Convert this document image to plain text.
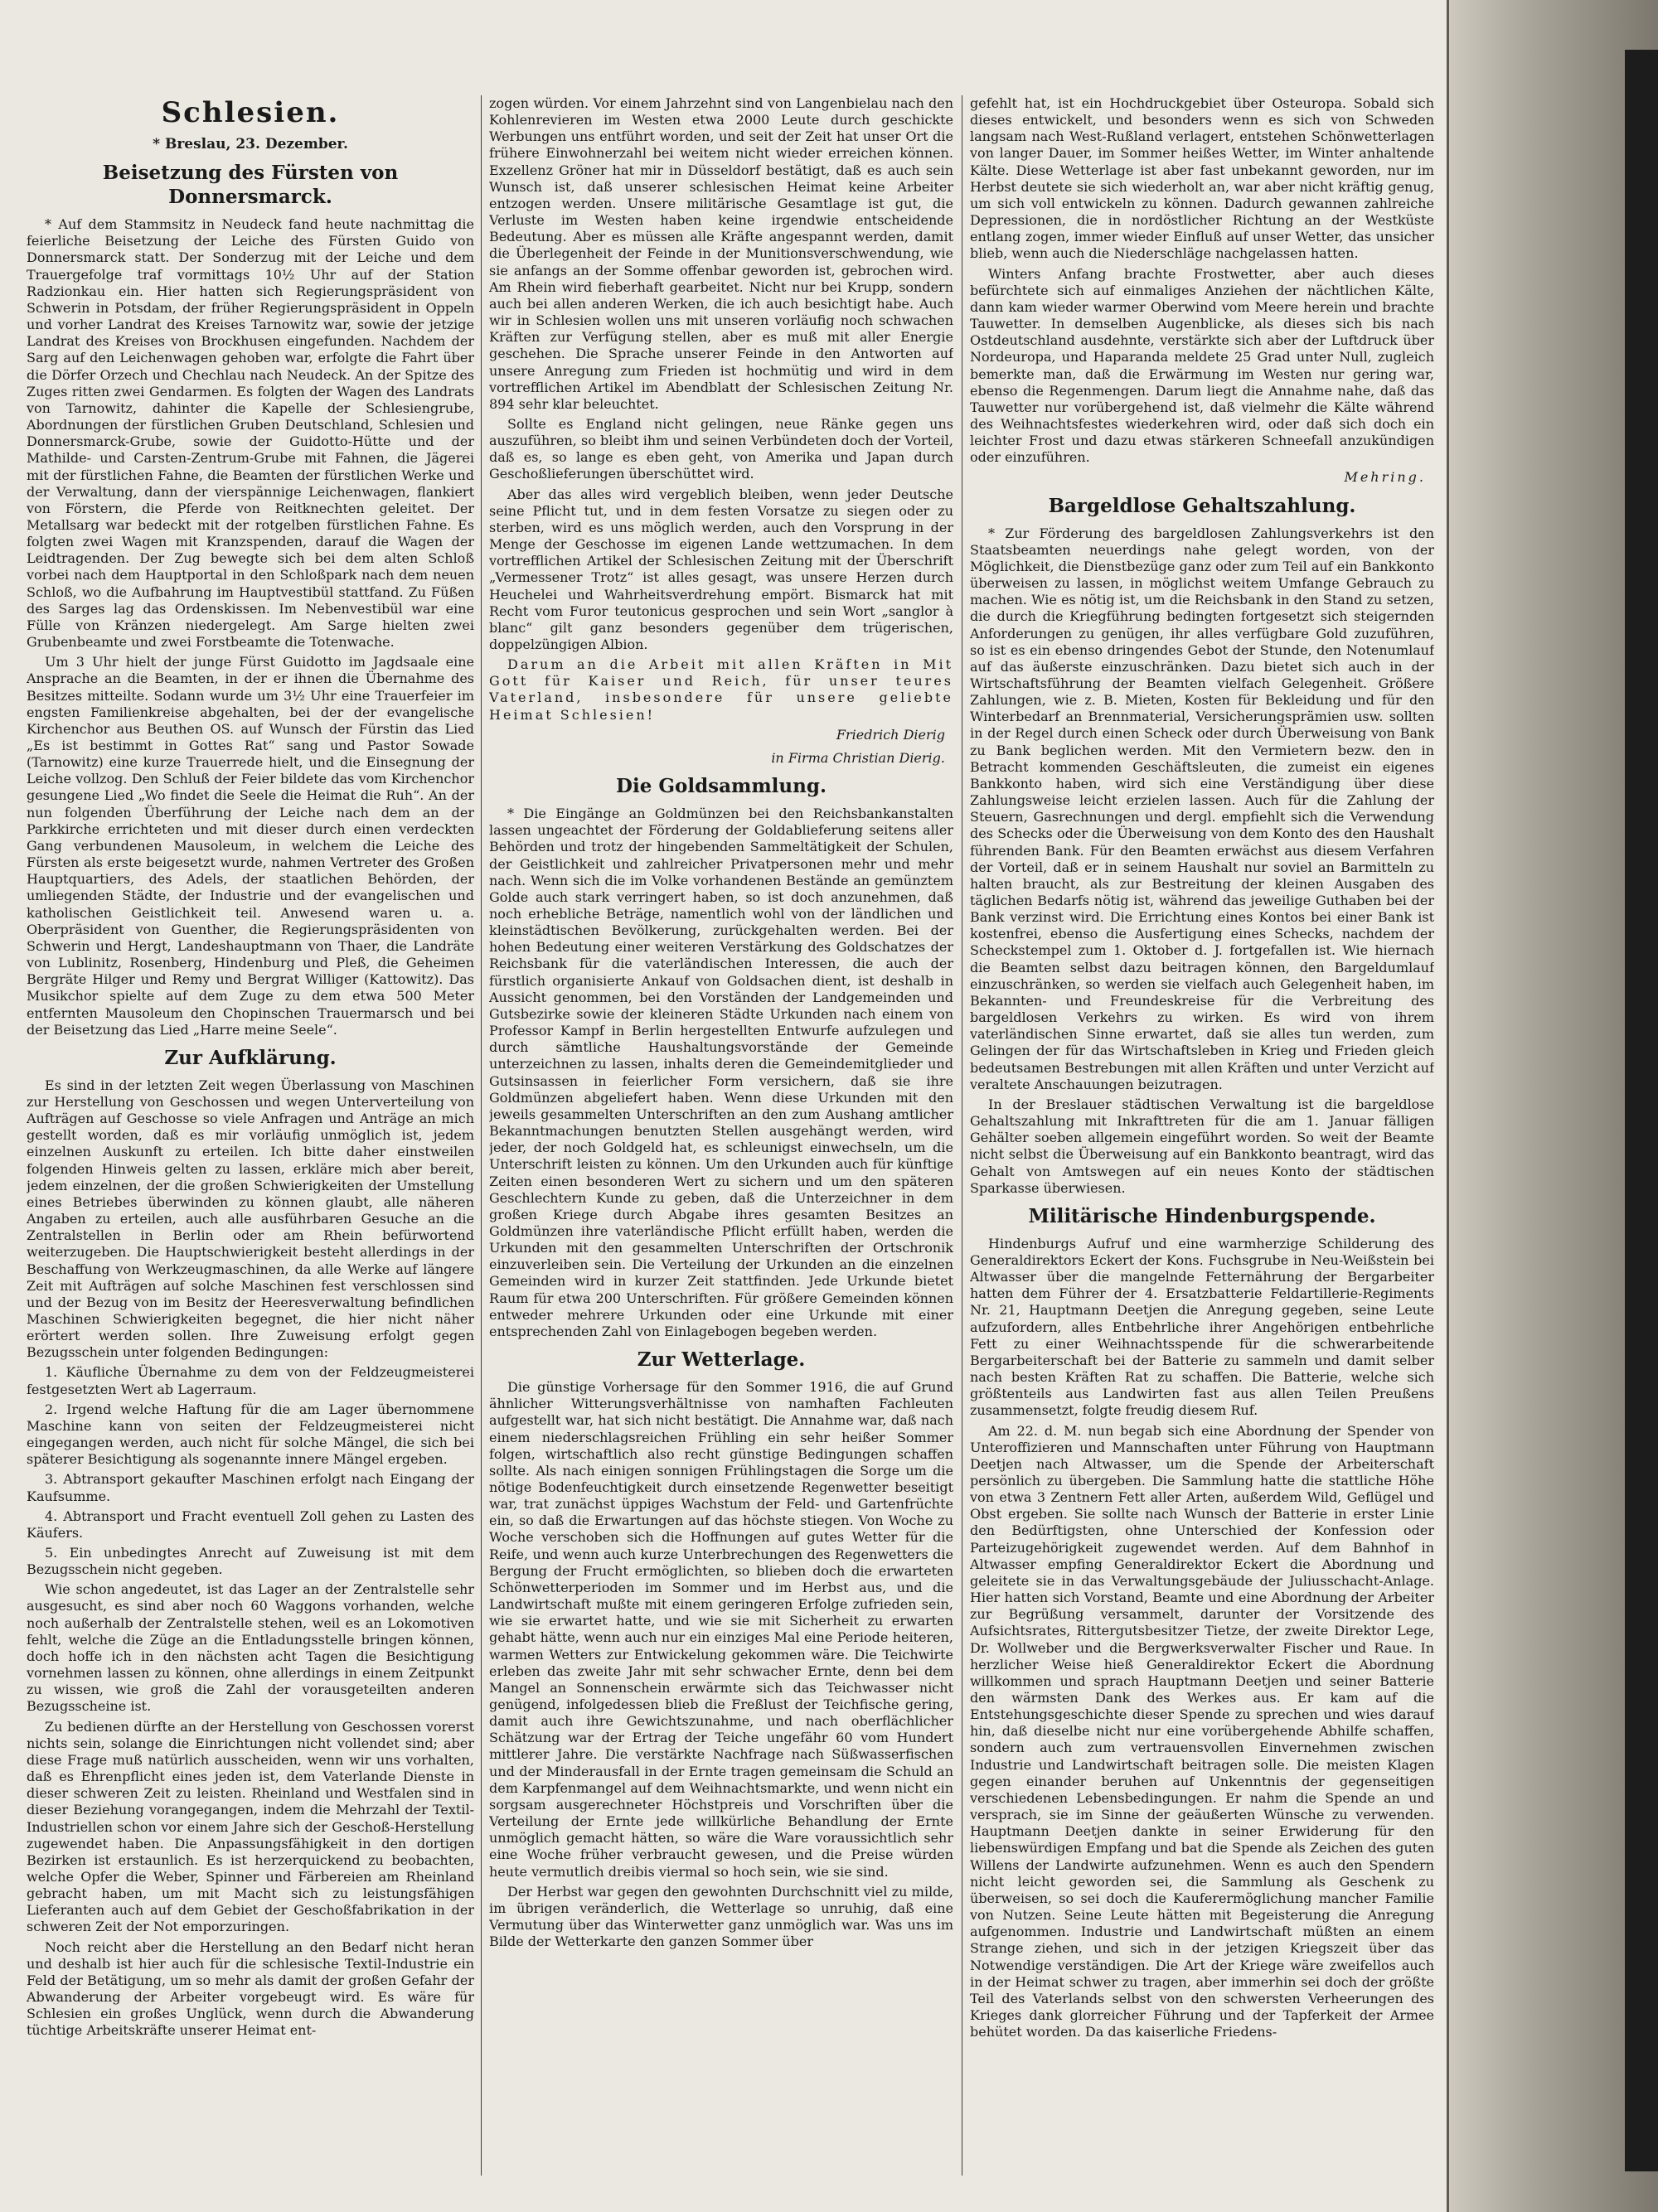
Schlesien.
* Breslau, 23. Dezember.
Beisetzung des Fürsten von Donnersmarck.

* Auf dem Stammsitz in Neudeck fand heute nachmittag die feierliche Beisetzung der Leiche des Fürsten Guido von Donnersmarck statt. Der Sonderzug mit der Leiche und dem Trauergefolge traf vormittags 10½ Uhr auf der Station Radzionkau ein. Hier hatten sich Regierungspräsident von Schwerin in Potsdam, der früher Regierungspräsident in Oppeln und vorher Landrat des Kreises Tarnowitz war, sowie der jetzige Landrat des Kreises von Brockhusen eingefunden. Nachdem der Sarg auf den Leichenwagen gehoben war, erfolgte die Fahrt über die Dörfer Orzech und Chechlau nach Neudeck. An der Spitze des Zuges ritten zwei Gendarmen. Es folgten der Wagen des Landrats von Tarnowitz, dahinter die Kapelle der Schlesiengrube, Abordnungen der fürstlichen Gruben Deutschland, Schlesien und Donnersmarck-Grube, sowie der Guidotto-Hütte und der Mathilde- und Carsten-Zentrum-Grube mit Fahnen, die Jägerei mit der fürstlichen Fahne, die Beamten der fürstlichen Werke und der Verwaltung, dann der vierspännige Leichenwagen, flankiert von Förstern, die Pferde von Reitknechten geleitet. Der Metallsarg war bedeckt mit der rotgelben fürstlichen Fahne. Es folgten zwei Wagen mit Kranzspenden, darauf die Wagen der Leidtragenden. Der Zug bewegte sich bei dem alten Schloß vorbei nach dem Hauptportal in den Schloßpark nach dem neuen Schloß, wo die Aufbahrung im Hauptvestibül stattfand. Zu Füßen des Sarges lag das Ordenskissen. Im Nebenvestibül war eine Fülle von Kränzen niedergelegt. Am Sarge hielten zwei Grubenbeamte und zwei Forstbeamte die Totenwache.

Um 3 Uhr hielt der junge Fürst Guidotto im Jagdsaale eine Ansprache an die Beamten, in der er ihnen die Übernahme des Besitzes mitteilte. Sodann wurde um 3½ Uhr eine Trauerfeier im engsten Familienkreise abgehalten, bei der der evangelische Kirchenchor aus Beuthen OS. auf Wunsch der Fürstin das Lied „Es ist bestimmt in Gottes Rat“ sang und Pastor Sowade (Tarnowitz) eine kurze Trauerrede hielt, und die Einsegnung der Leiche vollzog. Den Schluß der Feier bildete das vom Kirchenchor gesungene Lied „Wo findet die Seele die Heimat die Ruh“. An der nun folgenden Überführung der Leiche nach dem an der Parkkirche errichteten und mit dieser durch einen verdeckten Gang verbundenen Mausoleum, in welchem die Leiche des Fürsten als erste beigesetzt wurde, nahmen Vertreter des Großen Hauptquartiers, des Adels, der staatlichen Behörden, der umliegenden Städte, der Industrie und der evangelischen und katholischen Geistlichkeit teil. Anwesend waren u. a. Oberpräsident von Guenther, die Regierungspräsidenten von Schwerin und Hergt, Landeshauptmann von Thaer, die Landräte von Lublinitz, Rosenberg, Hindenburg und Pleß, die Geheimen Bergräte Hilger und Remy und Bergrat Williger (Kattowitz). Das Musikchor spielte auf dem Zuge zu dem etwa 500 Meter entfernten Mausoleum den Chopinschen Trauermarsch und bei der Beisetzung das Lied „Harre meine Seele“.

Zur Aufklärung.

Es sind in der letzten Zeit wegen Überlassung von Maschinen zur Herstellung von Geschossen und wegen Unterverteilung von Aufträgen auf Geschosse so viele Anfragen und Anträge an mich gestellt worden, daß es mir vorläufig unmöglich ist, jedem einzelnen Auskunft zu erteilen. Ich bitte daher einstweilen folgenden Hinweis gelten zu lassen, erkläre mich aber bereit, jedem einzelnen, der die großen Schwierigkeiten der Umstellung eines Betriebes überwinden zu können glaubt, alle näheren Angaben zu erteilen, auch alle ausführbaren Gesuche an die Zentralstellen in Berlin oder am Rhein befürwortend weiterzugeben. Die Hauptschwierigkeit besteht allerdings in der Beschaffung von Werkzeugmaschinen, da alle Werke auf längere Zeit mit Aufträgen auf solche Maschinen fest verschlossen sind und der Bezug von im Besitz der Heeresverwaltung befindlichen Maschinen Schwierigkeiten begegnet, die hier nicht näher erörtert werden sollen. Ihre Zuweisung erfolgt gegen Bezugsschein unter folgenden Bedingungen:

1. Käufliche Übernahme zu dem von der Feldzeugmeisterei festgesetzten Wert ab Lagerraum.

2. Irgend welche Haftung für die am Lager übernommene Maschine kann von seiten der Feldzeugmeisterei nicht eingegangen werden, auch nicht für solche Mängel, die sich bei späterer Besichtigung als sogenannte innere Mängel ergeben.

3. Abtransport gekaufter Maschinen erfolgt nach Eingang der Kaufsumme.

4. Abtransport und Fracht eventuell Zoll gehen zu Lasten des Käufers.

5. Ein unbedingtes Anrecht auf Zuweisung ist mit dem Bezugsschein nicht gegeben.

Wie schon angedeutet, ist das Lager an der Zentralstelle sehr ausgesucht, es sind aber noch 60 Waggons vorhanden, welche noch außerhalb der Zentralstelle stehen, weil es an Lokomotiven fehlt, welche die Züge an die Entladungsstelle bringen können, doch hoffe ich in den nächsten acht Tagen die Besichtigung vornehmen lassen zu können, ohne allerdings in einem Zeitpunkt zu wissen, wie groß die Zahl der vorausgeteilten anderen Bezugsscheine ist.

Zu bedienen dürfte an der Herstellung von Geschossen vorerst nichts sein, solange die Einrichtungen nicht vollendet sind; aber diese Frage muß natürlich ausscheiden, wenn wir uns vorhalten, daß es Ehrenpflicht eines jeden ist, dem Vaterlande Dienste in dieser schweren Zeit zu leisten. Rheinland und Westfalen sind in dieser Beziehung vorangegangen, indem die Mehrzahl der Textil-Industriellen schon vor einem Jahre sich der Geschoß-Herstellung zugewendet haben. Die Anpassungsfähigkeit in den dortigen Bezirken ist erstaunlich. Es ist herzerquickend zu beobachten, welche Opfer die Weber, Spinner und Färbereien am Rheinland gebracht haben, um mit Macht sich zu leistungsfähigen Lieferanten auch auf dem Gebiet der Geschoßfabrikation in der schweren Zeit der Not emporzuringen.

Noch reicht aber die Herstellung an den Bedarf nicht heran und deshalb ist hier auch für die schlesische Textil-Industrie ein Feld der Betätigung, um so mehr als damit der großen Gefahr der Abwanderung der Arbeiter vorgebeugt wird. Es wäre für Schlesien ein großes Unglück, wenn durch die Abwanderung tüchtige Arbeitskräfte unserer Heimat ent-

zogen würden. Vor einem Jahrzehnt sind von Langenbielau nach den Kohlenrevieren im Westen etwa 2000 Leute durch geschickte Werbungen uns entführt worden, und seit der Zeit hat unser Ort die frühere Einwohnerzahl bei weitem nicht wieder erreichen können. Exzellenz Gröner hat mir in Düsseldorf bestätigt, daß es auch sein Wunsch ist, daß unserer schlesischen Heimat keine Arbeiter entzogen werden. Unsere militärische Gesamtlage ist gut, die Verluste im Westen haben keine irgendwie entscheidende Bedeutung. Aber es müssen alle Kräfte angespannt werden, damit die Überlegenheit der Feinde in der Munitionsverschwendung, wie sie anfangs an der Somme offenbar geworden ist, gebrochen wird. Am Rhein wird fieberhaft gearbeitet. Nicht nur bei Krupp, sondern auch bei allen anderen Werken, die ich auch besichtigt habe. Auch wir in Schlesien wollen uns mit unseren vorläufig noch schwachen Kräften zur Verfügung stellen, aber es muß mit aller Energie geschehen. Die Sprache unserer Feinde in den Antworten auf unsere Anregung zum Frieden ist hochmütig und wird in dem vortrefflichen Artikel im Abendblatt der Schlesischen Zeitung Nr. 894 sehr klar beleuchtet.

Sollte es England nicht gelingen, neue Ränke gegen uns auszuführen, so bleibt ihm und seinen Verbündeten doch der Vorteil, daß es, so lange es eben geht, von Amerika und Japan durch Geschoßlieferungen überschüttet wird.

Aber das alles wird vergeblich bleiben, wenn jeder Deutsche seine Pflicht tut, und in dem festen Vorsatze zu siegen oder zu sterben, wird es uns möglich werden, auch den Vorsprung in der Menge der Geschosse im eigenen Lande wettzumachen. In dem vortrefflichen Artikel der Schlesischen Zeitung mit der Überschrift „Vermessener Trotz“ ist alles gesagt, was unsere Herzen durch Heuchelei und Wahrheitsverdrehung empört. Bismarck hat mit Recht vom Furor teutonicus gesprochen und sein Wort „sanglor à blanc“ gilt ganz besonders gegenüber dem trügerischen, doppelzüngigen Albion.

Darum an die Arbeit mit allen Kräften in Mit Gott für Kaiser und Reich, für unser teures Vaterland, insbesondere für unsere geliebte Heimat Schlesien!

Friedrich Dierig
in Firma Christian Dierig.
Die Goldsammlung.

* Die Eingänge an Goldmünzen bei den Reichsbankanstalten lassen ungeachtet der Förderung der Goldablieferung seitens aller Behörden und trotz der hingebenden Sammeltätigkeit der Schulen, der Geistlichkeit und zahlreicher Privatpersonen mehr und mehr nach. Wenn sich die im Volke vorhandenen Bestände an gemünztem Golde auch stark verringert haben, so ist doch anzunehmen, daß noch erhebliche Beträge, namentlich wohl von der ländlichen und kleinstädtischen Bevölkerung, zurückgehalten werden. Bei der hohen Bedeutung einer weiteren Verstärkung des Goldschatzes der Reichsbank für die vaterländischen Interessen, die auch der fürstlich organisierte Ankauf von Goldsachen dient, ist deshalb in Aussicht genommen, bei den Vorständen der Landgemeinden und Gutsbezirke sowie der kleineren Städte Urkunden nach einem von Professor Kampf in Berlin hergestellten Entwurfe aufzulegen und durch sämtliche Haushaltungsvorstände der Gemeinde unterzeichnen zu lassen, inhalts deren die Gemeindemitglieder und Gutsinsassen in feierlicher Form versichern, daß sie ihre Goldmünzen abgeliefert haben. Wenn diese Urkunden mit den jeweils gesammelten Unterschriften an den zum Aushang amtlicher Bekanntmachungen benutzten Stellen ausgehängt werden, wird jeder, der noch Goldgeld hat, es schleunigst einwechseln, um die Unterschrift leisten zu können. Um den Urkunden auch für künftige Zeiten einen besonderen Wert zu sichern und um den späteren Geschlechtern Kunde zu geben, daß die Unterzeichner in dem großen Kriege durch Abgabe ihres gesamten Besitzes an Goldmünzen ihre vaterländische Pflicht erfüllt haben, werden die Urkunden mit den gesammelten Unterschriften der Ortschronik einzuverleiben sein. Die Verteilung der Urkunden an die einzelnen Gemeinden wird in kurzer Zeit stattfinden. Jede Urkunde bietet Raum für etwa 200 Unterschriften. Für größere Gemeinden können entweder mehrere Urkunden oder eine Urkunde mit einer entsprechenden Zahl von Einlagebogen begeben werden.

Zur Wetterlage.

Die günstige Vorhersage für den Sommer 1916, die auf Grund ähnlicher Witterungsverhältnisse von namhaften Fachleuten aufgestellt war, hat sich nicht bestätigt. Die Annahme war, daß nach einem niederschlagsreichen Frühling ein sehr heißer Sommer folgen, wirtschaftlich also recht günstige Bedingungen schaffen sollte. Als nach einigen sonnigen Frühlingstagen die Sorge um die nötige Bodenfeuchtigkeit durch einsetzende Regenwetter beseitigt war, trat zunächst üppiges Wachstum der Feld- und Gartenfrüchte ein, so daß die Erwartungen auf das höchste stiegen. Von Woche zu Woche verschoben sich die Hoffnungen auf gutes Wetter für die Reife, und wenn auch kurze Unterbrechungen des Regenwetters die Bergung der Frucht ermöglichten, so blieben doch die erwarteten Schönwetterperioden im Sommer und im Herbst aus, und die Landwirtschaft mußte mit einem geringeren Erfolge zufrieden sein, wie sie erwartet hatte, und wie sie mit Sicherheit zu erwarten gehabt hätte, wenn auch nur ein einziges Mal eine Periode heiteren, warmen Wetters zur Entwickelung gekommen wäre. Die Teichwirte erleben das zweite Jahr mit sehr schwacher Ernte, denn bei dem Mangel an Sonnenschein erwärmte sich das Teichwasser nicht genügend, infolgedessen blieb die Freßlust der Teichfische gering, damit auch ihre Gewichtszunahme, und nach oberflächlicher Schätzung war der Ertrag der Teiche ungefähr 60 vom Hundert mittlerer Jahre. Die verstärkte Nachfrage nach Süßwasserfischen und der Minderausfall in der Ernte tragen gemeinsam die Schuld an dem Karpfenmangel auf dem Weihnachtsmarkte, und wenn nicht ein sorgsam ausgerechneter Höchstpreis und Vorschriften über die Verteilung der Ernte jede willkürliche Behandlung der Ernte unmöglich gemacht hätten, so wäre die Ware voraussichtlich sehr eine Woche früher verbraucht gewesen, und die Preise würden heute vermutlich dreibis viermal so hoch sein, wie sie sind.

Der Herbst war gegen den gewohnten Durchschnitt viel zu milde, im übrigen veränderlich, die Wetterlage so unruhig, daß eine Vermutung über das Winterwetter ganz unmöglich war. Was uns im Bilde der Wetterkarte den ganzen Sommer über

gefehlt hat, ist ein Hochdruckgebiet über Osteuropa. Sobald sich dieses entwickelt, und besonders wenn es sich von Schweden langsam nach West-Rußland verlagert, entstehen Schönwetterlagen von langer Dauer, im Sommer heißes Wetter, im Winter anhaltende Kälte. Diese Wetterlage ist aber fast unbekannt geworden, nur im Herbst deutete sie sich wiederholt an, war aber nicht kräftig genug, um sich voll entwickeln zu können. Dadurch gewannen zahlreiche Depressionen, die in nordöstlicher Richtung an der Westküste entlang zogen, immer wieder Einfluß auf unser Wetter, das unsicher blieb, wenn auch die Niederschläge nachgelassen hatten.

Winters Anfang brachte Frostwetter, aber auch dieses befürchtete sich auf einmaliges Anziehen der nächtlichen Kälte, dann kam wieder warmer Oberwind vom Meere herein und brachte Tauwetter. In demselben Augenblicke, als dieses sich bis nach Ostdeutschland ausdehnte, verstärkte sich aber der Luftdruck über Nordeuropa, und Haparanda meldete 25 Grad unter Null, zugleich bemerkte man, daß die Erwärmung im Westen nur gering war, ebenso die Regenmengen. Darum liegt die Annahme nahe, daß das Tauwetter nur vorübergehend ist, daß vielmehr die Kälte während des Weihnachtsfestes wiederkehren wird, oder daß sich doch ein leichter Frost und dazu etwas stärkeren Schneefall anzukündigen oder einzuführen.

Mehring.
Bargeldlose Gehaltszahlung.

* Zur Förderung des bargeldlosen Zahlungsverkehrs ist den Staatsbeamten neuerdings nahe gelegt worden, von der Möglichkeit, die Dienstbezüge ganz oder zum Teil auf ein Bankkonto überweisen zu lassen, in möglichst weitem Umfange Gebrauch zu machen. Wie es nötig ist, um die Reichsbank in den Stand zu setzen, die durch die Kriegführung bedingten fortgesetzt sich steigernden Anforderungen zu genügen, ihr alles verfügbare Gold zuzuführen, so ist es ein ebenso dringendes Gebot der Stunde, den Notenumlauf auf das äußerste einzuschränken. Dazu bietet sich auch in der Wirtschaftsführung der Beamten vielfach Gelegenheit. Größere Zahlungen, wie z. B. Mieten, Kosten für Bekleidung und für den Winterbedarf an Brennmaterial, Versicherungsprämien usw. sollten in der Regel durch einen Scheck oder durch Überweisung von Bank zu Bank beglichen werden. Mit den Vermietern bezw. den in Betracht kommenden Geschäftsleuten, die zumeist ein eigenes Bankkonto haben, wird sich eine Verständigung über diese Zahlungsweise leicht erzielen lassen. Auch für die Zahlung der Steuern, Gasrechnungen und dergl. empfiehlt sich die Verwendung des Schecks oder die Überweisung von dem Konto des den Haushalt führenden Bank. Für den Beamten erwächst aus diesem Verfahren der Vorteil, daß er in seinem Haushalt nur soviel an Barmitteln zu halten braucht, als zur Bestreitung der kleinen Ausgaben des täglichen Bedarfs nötig ist, während das jeweilige Guthaben bei der Bank verzinst wird. Die Errichtung eines Kontos bei einer Bank ist kostenfrei, ebenso die Ausfertigung eines Schecks, nachdem der Scheckstempel zum 1. Oktober d. J. fortgefallen ist. Wie hiernach die Beamten selbst dazu beitragen können, den Bargeldumlauf einzuschränken, so werden sie vielfach auch Gelegenheit haben, im Bekannten- und Freundeskreise für die Verbreitung des bargeldlosen Verkehrs zu wirken. Es wird von ihrem vaterländischen Sinne erwartet, daß sie alles tun werden, zum Gelingen der für das Wirtschaftsleben in Krieg und Frieden gleich bedeutsamen Bestrebungen mit allen Kräften und unter Verzicht auf veraltete Anschauungen beizutragen.

In der Breslauer städtischen Verwaltung ist die bargeldlose Gehaltszahlung mit Inkrafttreten für die am 1. Januar fälligen Gehälter soeben allgemein eingeführt worden. So weit der Beamte nicht selbst die Überweisung auf ein Bankkonto beantragt, wird das Gehalt von Amtswegen auf ein neues Konto der städtischen Sparkasse überwiesen.

Militärische Hindenburgspende.

Hindenburgs Aufruf und eine warmherzige Schilderung des Generaldirektors Eckert der Kons. Fuchsgrube in Neu-Weißstein bei Altwasser über die mangelnde Fetternährung der Bergarbeiter hatten dem Führer der 4. Ersatzbatterie Feldartillerie-Regiments Nr. 21, Hauptmann Deetjen die Anregung gegeben, seine Leute aufzufordern, alles Entbehrliche ihrer Angehörigen entbehrliche Fett zu einer Weihnachtsspende für die schwerarbeitende Bergarbeiterschaft bei der Batterie zu sammeln und damit selber nach besten Kräften Rat zu schaffen. Die Batterie, welche sich größtenteils aus Landwirten fast aus allen Teilen Preußens zusammensetzt, folgte freudig diesem Ruf.

Am 22. d. M. nun begab sich eine Abordnung der Spender von Unteroffizieren und Mannschaften unter Führung von Hauptmann Deetjen nach Altwasser, um die Spende der Arbeiterschaft persönlich zu übergeben. Die Sammlung hatte die stattliche Höhe von etwa 3 Zentnern Fett aller Arten, außerdem Wild, Geflügel und Obst ergeben. Sie sollte nach Wunsch der Batterie in erster Linie den Bedürftigsten, ohne Unterschied der Konfession oder Parteizugehörigkeit zugewendet werden. Auf dem Bahnhof in Altwasser empfing Generaldirektor Eckert die Abordnung und geleitete sie in das Verwaltungsgebäude der Juliusschacht-Anlage. Hier hatten sich Vorstand, Beamte und eine Abordnung der Arbeiter zur Begrüßung versammelt, darunter der Vorsitzende des Aufsichtsrates, Rittergutsbesitzer Tietze, der zweite Direktor Lege, Dr. Wollweber und die Bergwerksverwalter Fischer und Raue. In herzlicher Weise hieß Generaldirektor Eckert die Abordnung willkommen und sprach Hauptmann Deetjen und seiner Batterie den wärmsten Dank des Werkes aus. Er kam auf die Entstehungsgeschichte dieser Spende zu sprechen und wies darauf hin, daß dieselbe nicht nur eine vorübergehende Abhilfe schaffen, sondern auch zum vertrauensvollen Einvernehmen zwischen Industrie und Landwirtschaft beitragen solle. Die meisten Klagen gegen einander beruhen auf Unkenntnis der gegenseitigen verschiedenen Lebensbedingungen. Er nahm die Spende an und versprach, sie im Sinne der geäußerten Wünsche zu verwenden. Hauptmann Deetjen dankte in seiner Erwiderung für den liebenswürdigen Empfang und bat die Spende als Zeichen des guten Willens der Landwirte aufzunehmen. Wenn es auch den Spendern nicht leicht geworden sei, die Sammlung als Geschenk zu überweisen, so sei doch die Kauferermöglichung mancher Familie von Nutzen. Seine Leute hätten mit Begeisterung die Anregung aufgenommen. Industrie und Landwirtschaft müßten an einem Strange ziehen, und sich in der jetzigen Kriegszeit über das Notwendige verständigen. Die Art der Kriege wäre zweifellos auch in der Heimat schwer zu tragen, aber immerhin sei doch der größte Teil des Vaterlands selbst von den schwersten Verheerungen des Krieges dank glorreicher Führung und der Tapferkeit der Armee behütet worden. Da das kaiserliche Friedens-
